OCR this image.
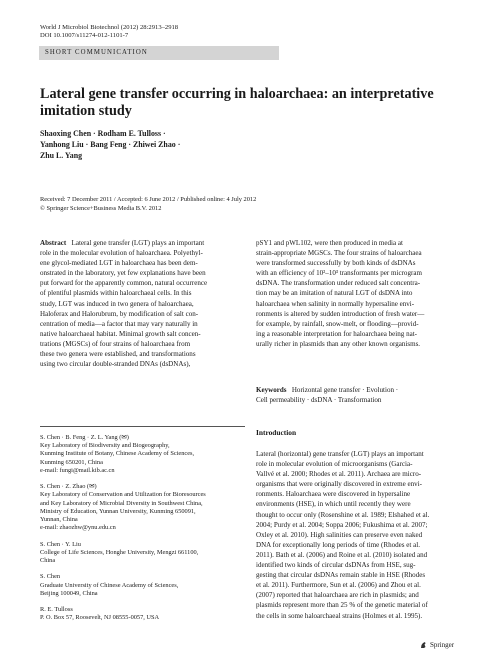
World J Microbiol Biotechnol (2012) 28:2913–2918
DOI 10.1007/s11274-012-1101-7
SHORT COMMUNICATION
Lateral gene transfer occurring in haloarchaea: an interpretative
imitation study
Shaoxing Chen · Rodham E. Tulloss ·
Yanhong Liu · Bang Feng · Zhiwei Zhao ·
Zhu L. Yang
Received: 7 December 2011 / Accepted: 6 June 2012 / Published online: 4 July 2012
© Springer Science+Business Media B.V. 2012
Abstract Lateral gene transfer (LGT) plays an important
role in the molecular evolution of haloarchaea. Polyethyl-
ene glycol-mediated LGT in haloarchaea has been dem-
onstrated in the laboratory, yet few explanations have been
put forward for the apparently common, natural occurrence
of plentiful plasmids within haloarchaeal cells. In this
study, LGT was induced in two genera of haloarchaea,
Haloferax and Halorubrum, by modification of salt con-
centration of media—a factor that may vary naturally in
native haloarchaeal habitat. Minimal growth salt concen-
trations (MGSCs) of four strains of haloarchaea from
these two genera were established, and transformations
using two circular double-stranded DNAs (dsDNAs),
pSY1 and pWL102, were then produced in media at
strain-appropriate MGSCs. The four strains of haloarchaea
were transformed successfully by both kinds of dsDNAs
with an efficiency of 10²–10³ transformants per microgram
dsDNA. The transformation under reduced salt concentra-
tion may be an imitation of natural LGT of dsDNA into
haloarchaea when salinity in normally hypersaline envi-
ronments is altered by sudden introduction of fresh water—
for example, by rainfall, snow-melt, or flooding—provid-
ing a reasonable interpretation for haloarchaea being nat-
urally richer in plasmids than any other known organisms.
Keywords Horizontal gene transfer · Evolution ·
Cell permeability · dsDNA · Transformation
S. Chen · B. Feng · Z. L. Yang (✉)
Key Laboratory of Biodiversity and Biogeography,
Kunming Institute of Botany, Chinese Academy of Sciences,
Kunming 650201, China
e-mail: fungi@mail.kib.ac.cn
S. Chen · Z. Zhao (✉)
Key Laboratory of Conservation and Utilization for Bioresources
and Key Laboratory of Microbial Diversity in Southwest China,
Ministry of Education, Yunnan University, Kunming 650091,
Yunnan, China
e-mail: zhaozhw@ynu.edu.cn
S. Chen · Y. Liu
College of Life Sciences, Honghe University, Mengzi 661100,
China
S. Chen
Graduate University of Chinese Academy of Sciences,
Beijing 100049, China
R. E. Tulloss
P. O. Box 57, Roosevelt, NJ 08555-0057, USA
Introduction
Lateral (horizontal) gene transfer (LGT) plays an important
role in molecular evolution of microorganisms (Garcia-
Vallvé et al. 2000; Rhodes et al. 2011). Archaea are micro-
organisms that were originally discovered in extreme envi-
ronments. Haloarchaea were discovered in hypersaline
environments (HSE), in which until recently they were
thought to occur only (Rosenshine et al. 1989; Elshahed et al.
2004; Purdy et al. 2004; Soppa 2006; Fukushima et al. 2007;
Oxley et al. 2010). High salinities can preserve even naked
DNA for exceptionally long periods of time (Rhodes et al.
2011). Bath et al. (2006) and Roine et al. (2010) isolated and
identified two kinds of circular dsDNAs from HSE, sug-
gesting that circular dsDNAs remain stable in HSE (Rhodes
et al. 2011). Furthermore, Sun et al. (2006) and Zhou et al.
(2007) reported that haloarchaea are rich in plasmids; and
plasmids represent more than 25 % of the genetic material of
the cells in some haloarchaeal strains (Holmes et al. 1995).
Springer
